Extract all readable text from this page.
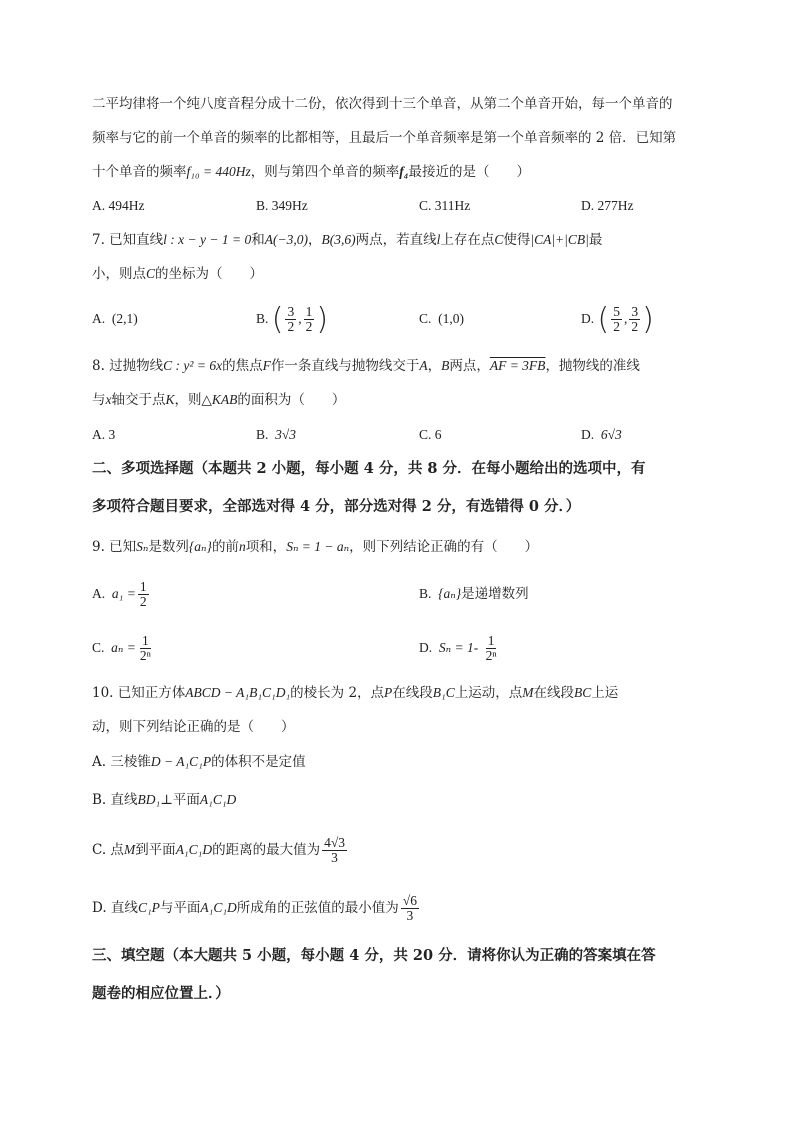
二平均律将一个纯八度音程分成十二份，依次得到十三个单音，从第二个单音开始，每一个单音的
频率与它的前一个单音的频率的比都相等，且最后一个单音频率是第一个单音频率的 2 倍．已知第
十个单音的频率f₁₀ = 440Hz，则与第四个单音的频率f₄最接近的是（　　）
A. 494Hz	B. 349Hz	C. 311Hz	D. 277Hz
7. 已知直线l : x − y − 1 = 0和A(−3,0)，B(3,6)两点，若直线l上存在点C使得|CA|+|CB|最
小，则点C的坐标为（　　）
A. (2,1)	B. ( $\frac{3}{2}$ , $\frac{1}{2}$ )	C. (1,0)	D. ( $\frac{5}{2}$ , $\frac{3}{2}$ )
8. 过抛物线C : y² = 6x的焦点F作一条直线与抛物线交于A，B两点，AF = 3FB，抛物线的准线
与x轴交于点K，则△KAB的面积为（　　）
A. 3	B. 3√3	C. 6	D. 6√3
二、多项选择题（本题共 2 小题，每小题 4 分，共 8 分．在每小题给出的选项中，有
多项符合题目要求，全部选对得 4 分，部分选对得 2 分，有选错得 0 分．）
9. 已知Sₙ是数列{aₙ}的前n项和，Sₙ = 1 − aₙ，则下列结论正确的有（　　）
A. $a_1 = \frac{1}{2}$	B. {aₙ}是递增数列
C. $a_n = \frac{1}{\text{2ⁿ}}$	D. $S_n = 1- \frac{1}{\text{2ⁿ}}$
10. 已知正方体ABCD − A₁B₁C₁D₁的棱长为 2，点P在线段B₁C上运动，点M在线段BC上运
动，则下列结论正确的是（　　）
A. 三棱锥D − A₁C₁P的体积不是定值
B. 直线BD₁⊥平面A₁C₁D
C. 点M到平面A₁C₁D的距离的最大值为 $\frac{4√3}{3}$
D. 直线C₁P与平面A₁C₁D所成角的正弦值的最小值为 $\frac{√6}{3}$
三、填空题（本大题共 5 小题，每小题 4 分，共 20 分．请将你认为正确的答案填在答
题卷的相应位置上．）
